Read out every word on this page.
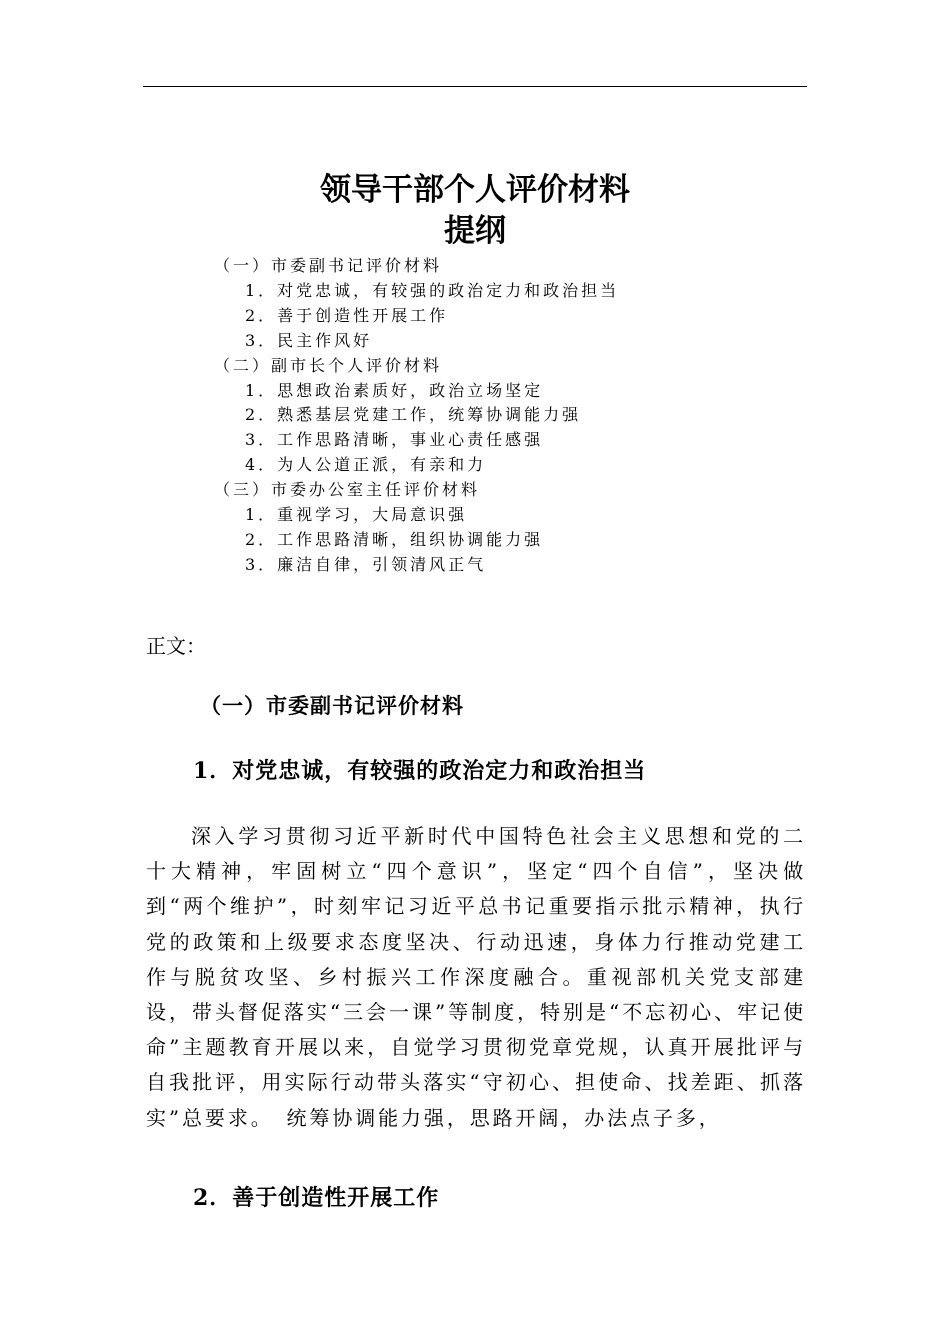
领导干部个人评价材料
提纲
（一）市委副书记评价材料
1．对党忠诚，有较强的政治定力和政治担当
2．善于创造性开展工作
3．民主作风好
（二）副市长个人评价材料
1．思想政治素质好，政治立场坚定
2．熟悉基层党建工作，统筹协调能力强
3．工作思路清晰，事业心责任感强
4．为人公道正派，有亲和力
（三）市委办公室主任评价材料
1．重视学习，大局意识强
2．工作思路清晰，组织协调能力强
3．廉洁自律，引领清风正气
正文：
（一）市委副书记评价材料
1．对党忠诚，有较强的政治定力和政治担当
深入学习贯彻习近平新时代中国特色社会主义思想和党的二十大精神，牢固树立“四个意识”，坚定“四个自信”，坚决做到“两个维护”，时刻牢记习近平总书记重要指示批示精神，执行党的政策和上级要求态度坚决、行动迅速，身体力行推动党建工作与脱贫攻坚、乡村振兴工作深度融合。重视部机关党支部建设，带头督促落实“三会一课”等制度，特别是“不忘初心、牢记使命”主题教育开展以来，自觉学习贯彻党章党规，认真开展批评与自我批评，用实际行动带头落实“守初心、担使命、找差距、抓落实”总要求。　统筹协调能力强，思路开阔，办法点子多，
2．善于创造性开展工作
